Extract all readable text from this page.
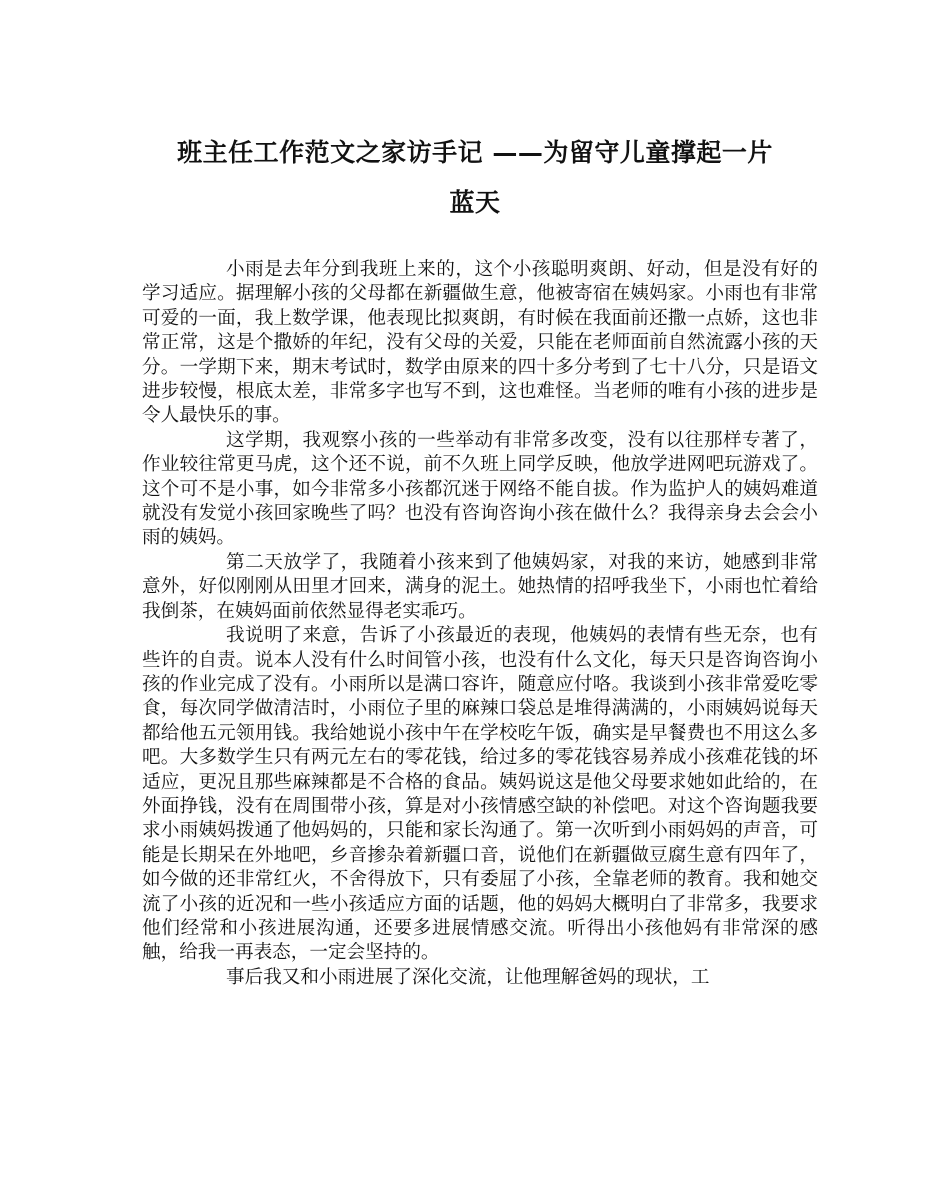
班主任工作范文之家访手记 ——为留守儿童撑起一片
蓝天

小雨是去年分到我班上来的，这个小孩聪明爽朗、好动，但是没有好的学习适应。据理解小孩的父母都在新疆做生意，他被寄宿在姨妈家。小雨也有非常可爱的一面，我上数学课，他表现比拟爽朗，有时候在我面前还撒一点娇，这也非常正常，这是个撒娇的年纪，没有父母的关爱，只能在老师面前自然流露小孩的天分。一学期下来，期末考试时，数学由原来的四十多分考到了七十八分，只是语文进步较慢，根底太差，非常多字也写不到，这也难怪。当老师的唯有小孩的进步是令人最快乐的事。

这学期，我观察小孩的一些举动有非常多改变，没有以往那样专著了，作业较往常更马虎，这个还不说，前不久班上同学反映，他放学进网吧玩游戏了。这个可不是小事，如今非常多小孩都沉迷于网络不能自拔。作为监护人的姨妈难道就没有发觉小孩回家晚些了吗？也没有咨询咨询小孩在做什么？我得亲身去会会小雨的姨妈。

第二天放学了，我随着小孩来到了他姨妈家，对我的来访，她感到非常意外，好似刚刚从田里才回来，满身的泥土。她热情的招呼我坐下，小雨也忙着给我倒茶，在姨妈面前依然显得老实乖巧。

我说明了来意，告诉了小孩最近的表现，他姨妈的表情有些无奈，也有些许的自责。说本人没有什么时间管小孩，也没有什么文化，每天只是咨询咨询小孩的作业完成了没有。小雨所以是满口容许，随意应付咯。我谈到小孩非常爱吃零食，每次同学做清洁时，小雨位子里的麻辣口袋总是堆得满满的，小雨姨妈说每天都给他五元领用钱。我给她说小孩中午在学校吃午饭，确实是早餐费也不用这么多吧。大多数学生只有两元左右的零花钱，给过多的零花钱容易养成小孩难花钱的坏适应，更况且那些麻辣都是不合格的食品。姨妈说这是他父母要求她如此给的，在外面挣钱，没有在周围带小孩，算是对小孩情感空缺的补偿吧。对这个咨询题我要求小雨姨妈拨通了他妈妈的，只能和家长沟通了。第一次听到小雨妈妈的声音，可能是长期呆在外地吧，乡音掺杂着新疆口音，说他们在新疆做豆腐生意有四年了，如今做的还非常红火，不舍得放下，只有委屈了小孩，全靠老师的教育。我和她交流了小孩的近况和一些小孩适应方面的话题，他的妈妈大概明白了非常多，我要求他们经常和小孩进展沟通，还要多进展情感交流。听得出小孩他妈有非常深的感触，给我一再表态，一定会坚持的。

事后我又和小雨进展了深化交流，让他理解爸妈的现状，工
